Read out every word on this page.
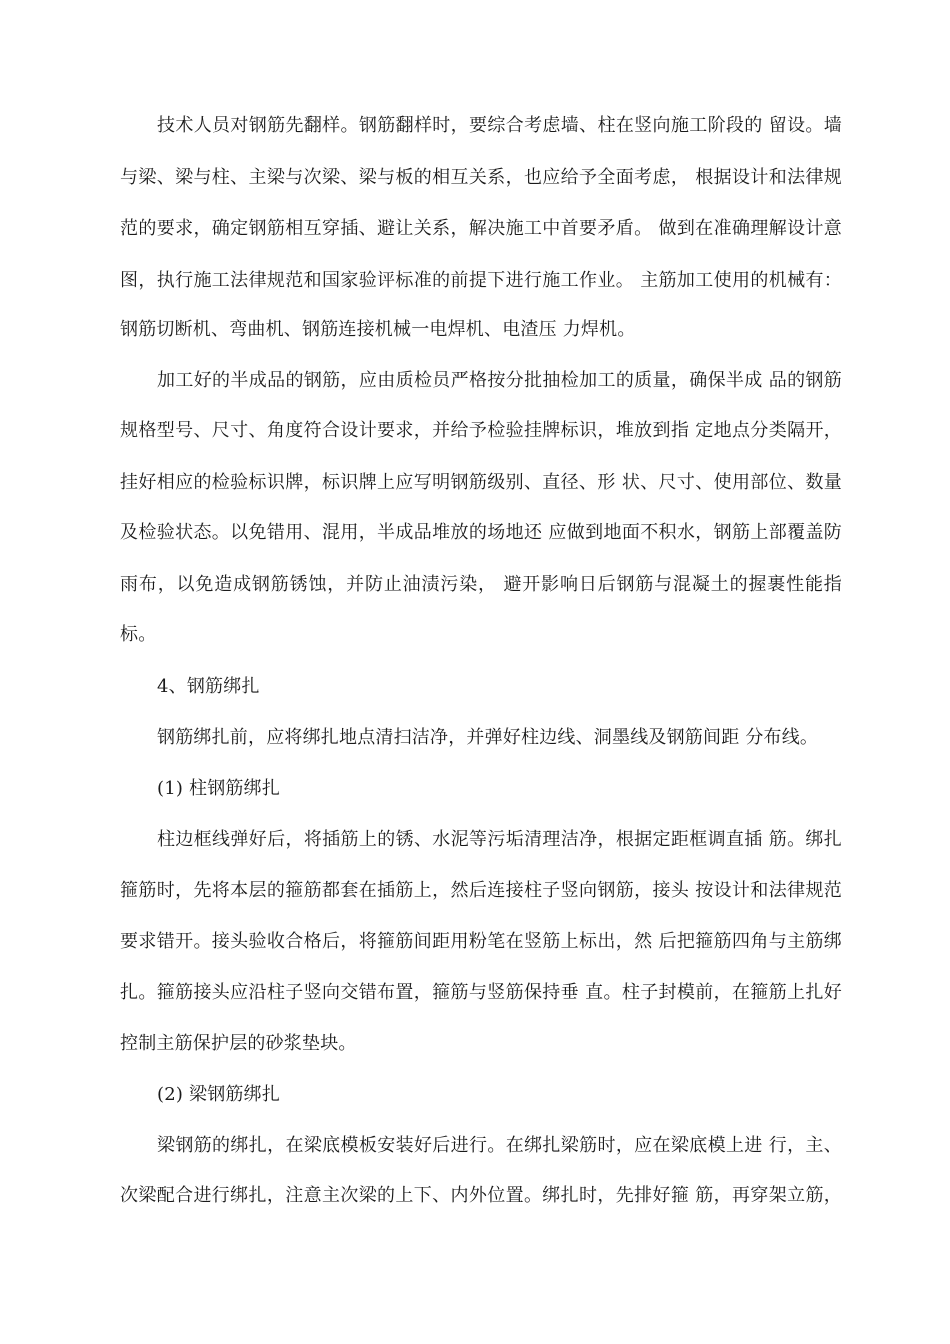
技术人员对钢筋先翻样。钢筋翻样时，要综合考虑墙、柱在竖向施工阶段的 留设。墙
与梁、梁与柱、主梁与次梁、梁与板的相互关系，也应给予全面考虑， 根据设计和法律规
范的要求，确定钢筋相互穿插、避让关系，解决施工中首要矛盾。 做到在准确理解设计意
图，执行施工法律规范和国家验评标准的前提下进行施工作业。 主筋加工使用的机械有：
钢筋切断机、弯曲机、钢筋连接机械一电焊机、电渣压 力焊机。
加工好的半成品的钢筋，应由质检员严格按分批抽检加工的质量，确保半成 品的钢筋
规格型号、尺寸、角度符合设计要求，并给予检验挂牌标识，堆放到指 定地点分类隔开，
挂好相应的检验标识牌，标识牌上应写明钢筋级别、直径、形 状、尺寸、使用部位、数量
及检验状态。以免错用、混用，半成品堆放的场地还 应做到地面不积水，钢筋上部覆盖防
雨布，以免造成钢筋锈蚀，并防止油渍污染， 避开影响日后钢筋与混凝土的握裹性能指
标。
4、钢筋绑扎
钢筋绑扎前，应将绑扎地点清扫洁净，并弹好柱边线、洞墨线及钢筋间距 分布线。
(1) 柱钢筋绑扎
柱边框线弹好后，将插筋上的锈、水泥等污垢清理洁净，根据定距框调直插 筋。绑扎
箍筋时，先将本层的箍筋都套在插筋上，然后连接柱子竖向钢筋，接头 按设计和法律规范
要求错开。接头验收合格后，将箍筋间距用粉笔在竖筋上标出，然 后把箍筋四角与主筋绑
扎。箍筋接头应沿柱子竖向交错布置，箍筋与竖筋保持垂 直。柱子封模前，在箍筋上扎好
控制主筋保护层的砂浆垫块。
(2) 梁钢筋绑扎
梁钢筋的绑扎，在梁底模板安装好后进行。在绑扎梁筋时，应在梁底模上进 行，主、
次梁配合进行绑扎，注意主次梁的上下、内外位置。绑扎时，先排好箍 筋，再穿架立筋，
